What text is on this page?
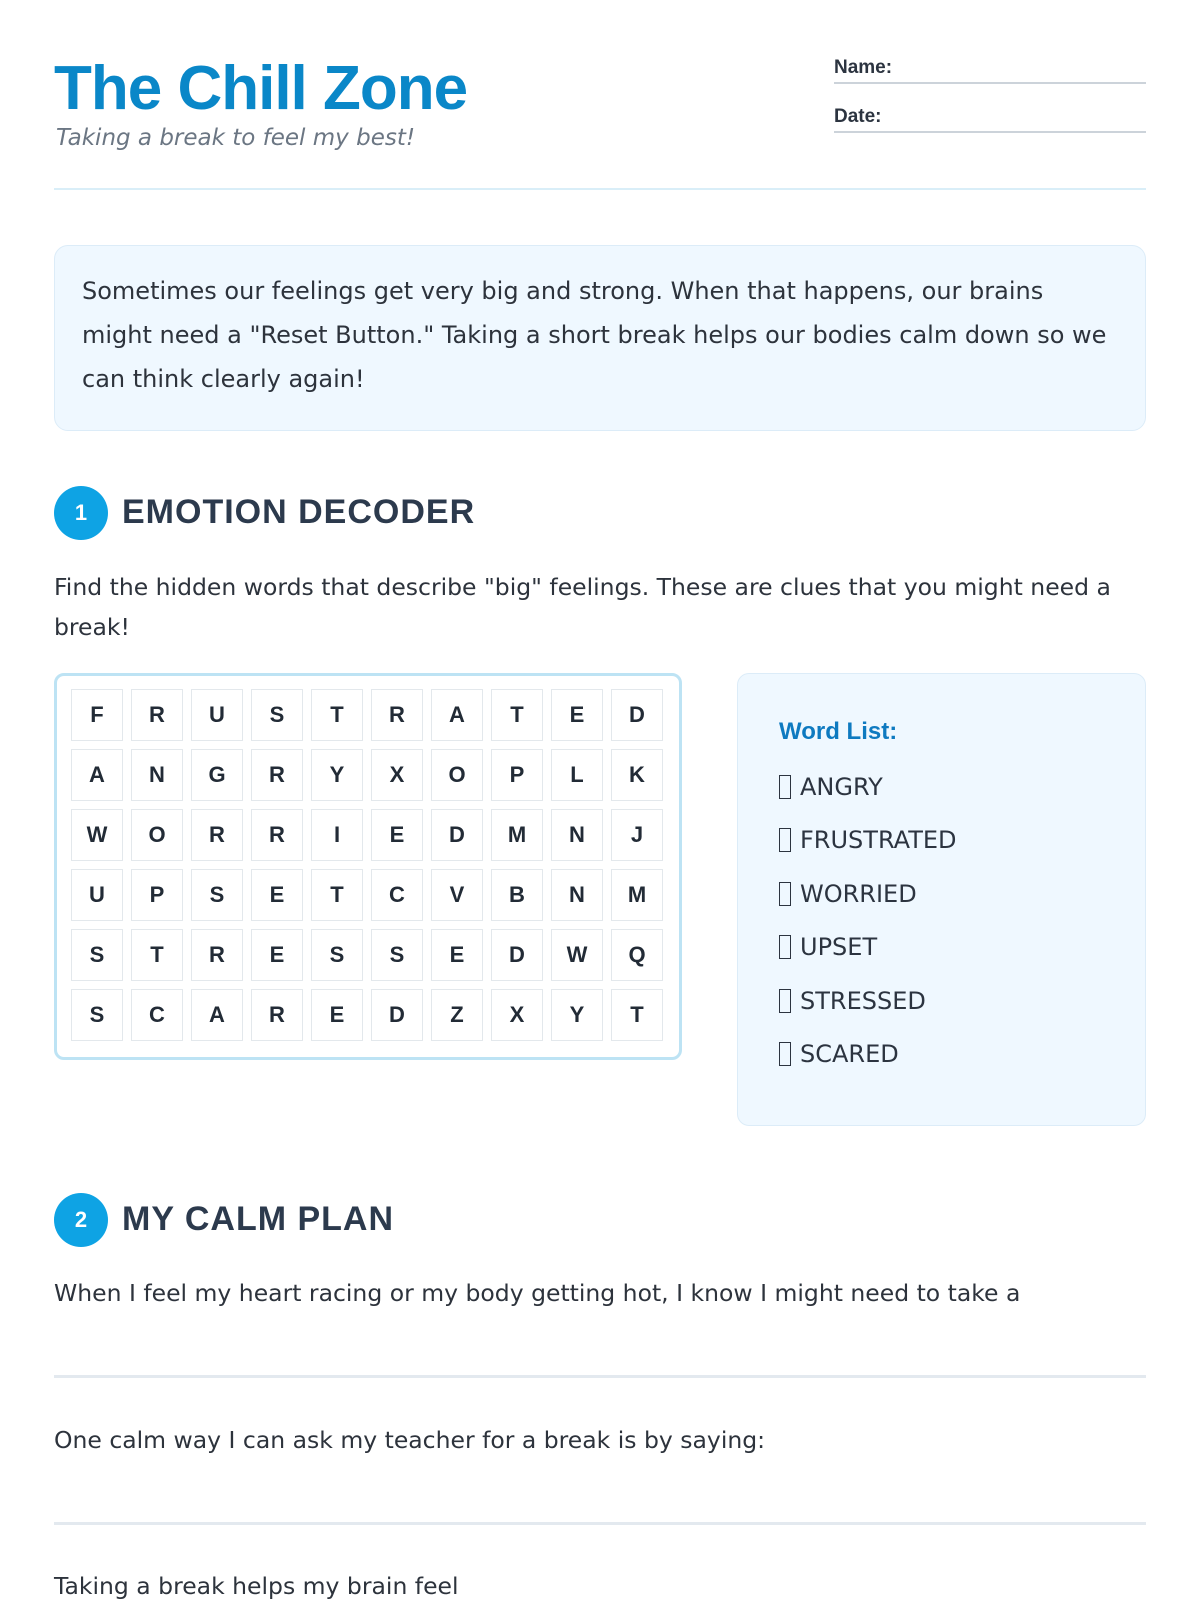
The Chill Zone
Taking a break to feel my best!
Name:
Date:
Sometimes our feelings get very big and strong. When that happens, our brains might need a "Reset Button." Taking a short break helps our bodies calm down so we can think clearly again!
1	EMOTION DECODER
Find the hidden words that describe "big" feelings. These are clues that you might need a break!
F	R	U	S	T	R	A	T	E	D
A	N	G	R	Y	X	O	P	L	K
W	O	R	R	I	E	D	M	N	J
U	P	S	E	T	C	V	B	N	M
S	T	R	E	S	S	E	D	W	Q
S	C	A	R	E	D	Z	X	Y	T
Word List:
ANGRY
FRUSTRATED
WORRIED
UPSET
STRESSED
SCARED
2	MY CALM PLAN
When I feel my heart racing or my body getting hot, I know I might need to take a
One calm way I can ask my teacher for a break is by saying:
Taking a break helps my brain feel
